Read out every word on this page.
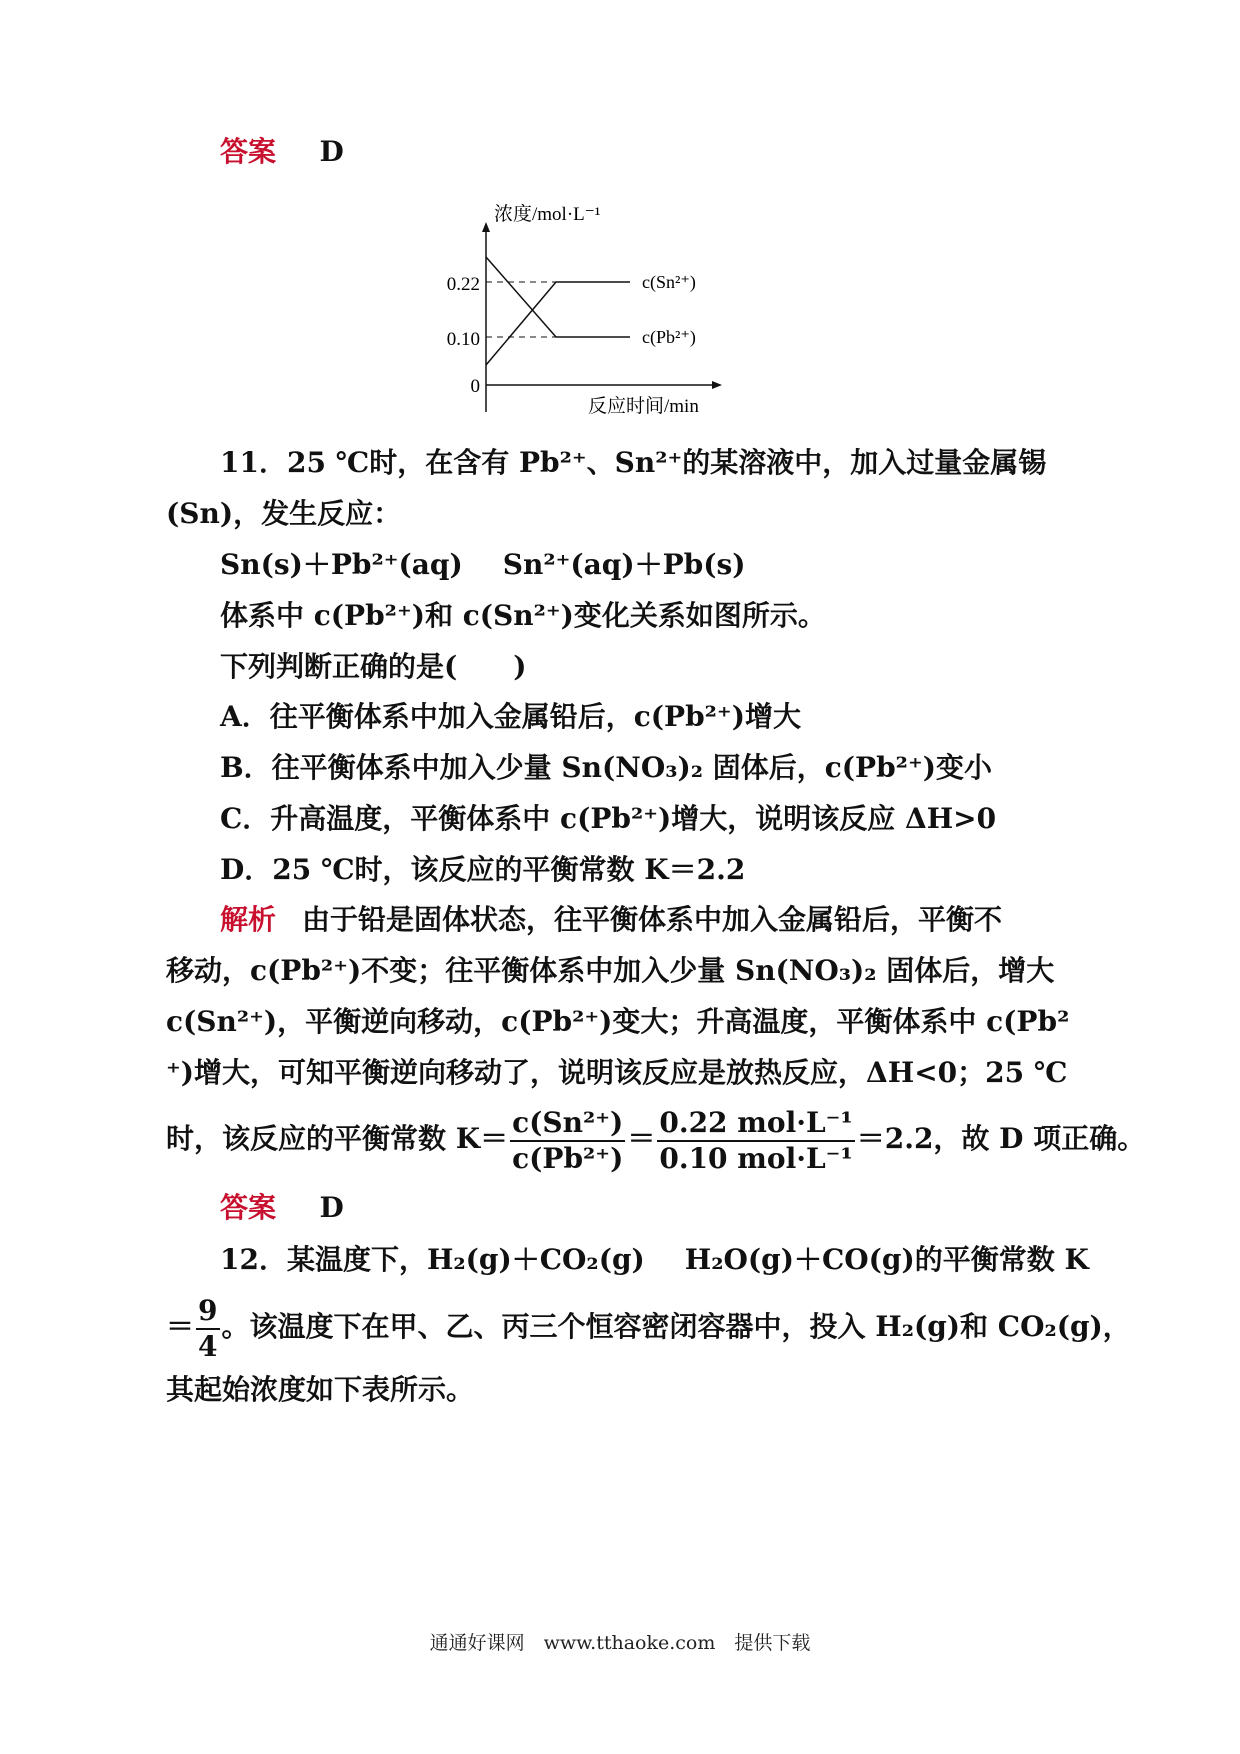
答案 D
0.22
0.10
0
浓度/mol·L⁻¹
反应时间/min
c(Sn²⁺)
c(Pb²⁺)
11．25 ℃时，在含有 Pb²⁺、Sn²⁺的某溶液中，加入过量金属锡
(Sn)，发生反应：
Sn(s)＋Pb²⁺(aq) Sn²⁺(aq)＋Pb(s)
体系中 c(Pb²⁺)和 c(Sn²⁺)变化关系如图所示。
下列判断正确的是(　　)
A．往平衡体系中加入金属铅后，c(Pb²⁺)增大
B．往平衡体系中加入少量 Sn(NO₃)₂ 固体后，c(Pb²⁺)变小
C．升高温度，平衡体系中 c(Pb²⁺)增大，说明该反应 ΔH>0
D．25 ℃时，该反应的平衡常数 K＝2.2
解析 由于铅是固体状态，往平衡体系中加入金属铅后，平衡不
移动，c(Pb²⁺)不变；往平衡体系中加入少量 Sn(NO₃)₂ 固体后，增大
c(Sn²⁺)，平衡逆向移动，c(Pb²⁺)变大；升高温度，平衡体系中 c(Pb²
⁺)增大，可知平衡逆向移动了，说明该反应是放热反应，ΔH<0；25 ℃
时，该反应的平衡常数 $K= \frac{\text{c(Sn²⁺)}}{\text{c(Pb²⁺)}} = \frac{\text{0.22 mol·L⁻¹}}{\text{0.10 mol·L⁻¹}} =2.2$，故 D 项正确。
答案 D
12．某温度下，H₂(g)＋CO₂(g) H₂O(g)＋CO(g)的平衡常数 K
＝ $\frac{9}{4}$ 。该温度下在甲、乙、丙三个恒容密闭容器中，投入 H₂(g)和 CO₂(g)，
其起始浓度如下表所示。
通通好课网　www.tthaoke.com　提供下载
